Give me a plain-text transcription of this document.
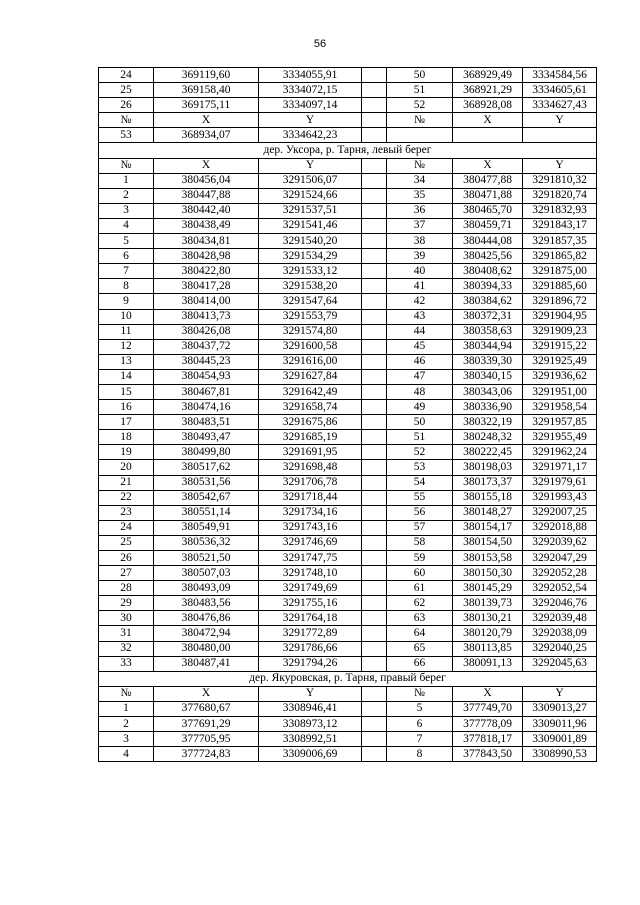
56
24	369119,60	3334055,91		50	368929,49	3334584,56
25	369158,40	3334072,15		51	368921,29	3334605,61
26	369175,11	3334097,14		52	368928,08	3334627,43
№	X	Y		№	X	Y
53	368934,07	3334642,23				
дер. Уксора, р. Тарня, левый берег						
№	X	Y		№	X	Y
1	380456,04	3291506,07		34	380477,88	3291810,32
2	380447,88	3291524,66		35	380471,88	3291820,74
3	380442,40	3291537,51		36	380465,70	3291832,93
4	380438,49	3291541,46		37	380459,71	3291843,17
5	380434,81	3291540,20		38	380444,08	3291857,35
6	380428,98	3291534,29		39	380425,56	3291865,82
7	380422,80	3291533,12		40	380408,62	3291875,00
8	380417,28	3291538,20		41	380394,33	3291885,60
9	380414,00	3291547,64		42	380384,62	3291896,72
10	380413,73	3291553,79		43	380372,31	3291904,95
11	380426,08	3291574,80		44	380358,63	3291909,23
12	380437,72	3291600,58		45	380344,94	3291915,22
13	380445,23	3291616,00		46	380339,30	3291925,49
14	380454,93	3291627,84		47	380340,15	3291936,62
15	380467,81	3291642,49		48	380343,06	3291951,00
16	380474,16	3291658,74		49	380336,90	3291958,54
17	380483,51	3291675,86		50	380322,19	3291957,85
18	380493,47	3291685,19		51	380248,32	3291955,49
19	380499,80	3291691,95		52	380222,45	3291962,24
20	380517,62	3291698,48		53	380198,03	3291971,17
21	380531,56	3291706,78		54	380173,37	3291979,61
22	380542,67	3291718,44		55	380155,18	3291993,43
23	380551,14	3291734,16		56	380148,27	3292007,25
24	380549,91	3291743,16		57	380154,17	3292018,88
25	380536,32	3291746,69		58	380154,50	3292039,62
26	380521,50	3291747,75		59	380153,58	3292047,29
27	380507,03	3291748,10		60	380150,30	3292052,28
28	380493,09	3291749,69		61	380145,29	3292052,54
29	380483,56	3291755,16		62	380139,73	3292046,76
30	380476,86	3291764,18		63	380130,21	3292039,48
31	380472,94	3291772,89		64	380120,79	3292038,09
32	380480,00	3291786,66		65	380113,85	3292040,25
33	380487,41	3291794,26		66	380091,13	3292045,63
дер. Якуровская, р. Тарня, правый берег						
№	X	Y		№	X	Y
1	377680,67	3308946,41		5	377749,70	3309013,27
2	377691,29	3308973,12		6	377778,09	3309011,96
3	377705,95	3308992,51		7	377818,17	3309001,89
4	377724,83	3309006,69		8	377843,50	3308990,53
